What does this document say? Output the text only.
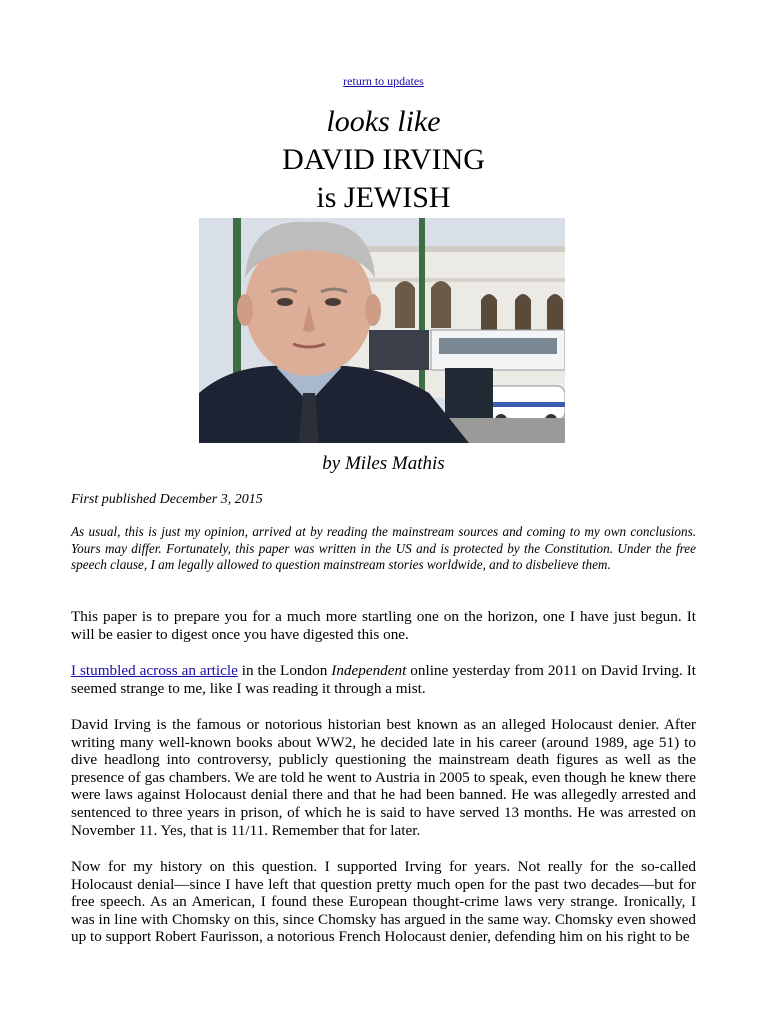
return to updates
looks like
DAVID IRVING
is JEWISH
by Miles Mathis
First published December 3, 2015
As usual, this is just my opinion, arrived at by reading the mainstream sources and coming to my own conclusions. Yours may differ. Fortunately, this paper was written in the US and is protected by the Constitution. Under the free speech clause, I am legally allowed to question mainstream stories worldwide, and to disbelieve them.
This paper is to prepare you for a much more startling one on the horizon, one I have just begun. It will be easier to digest once you have digested this one.
I stumbled across an article in the London Independent online yesterday from 2011 on David Irving. It seemed strange to me, like I was reading it through a mist.
David Irving is the famous or notorious historian best known as an alleged Holocaust denier. After writing many well-known books about WW2, he decided late in his career (around 1989, age 51) to dive headlong into controversy, publicly questioning the mainstream death figures as well as the presence of gas chambers. We are told he went to Austria in 2005 to speak, even though he knew there were laws against Holocaust denial there and that he had been banned. He was allegedly arrested and sentenced to three years in prison, of which he is said to have served 13 months. He was arrested on November 11. Yes, that is 11/11. Remember that for later.
Now for my history on this question. I supported Irving for years. Not really for the so-called Holocaust denial—since I have left that question pretty much open for the past two decades—but for free speech. As an American, I found these European thought-crime laws very strange. Ironically, I was in line with Chomsky on this, since Chomsky has argued in the same way. Chomsky even showed up to support Robert Faurisson, a notorious French Holocaust denier, defending him on his right to be
